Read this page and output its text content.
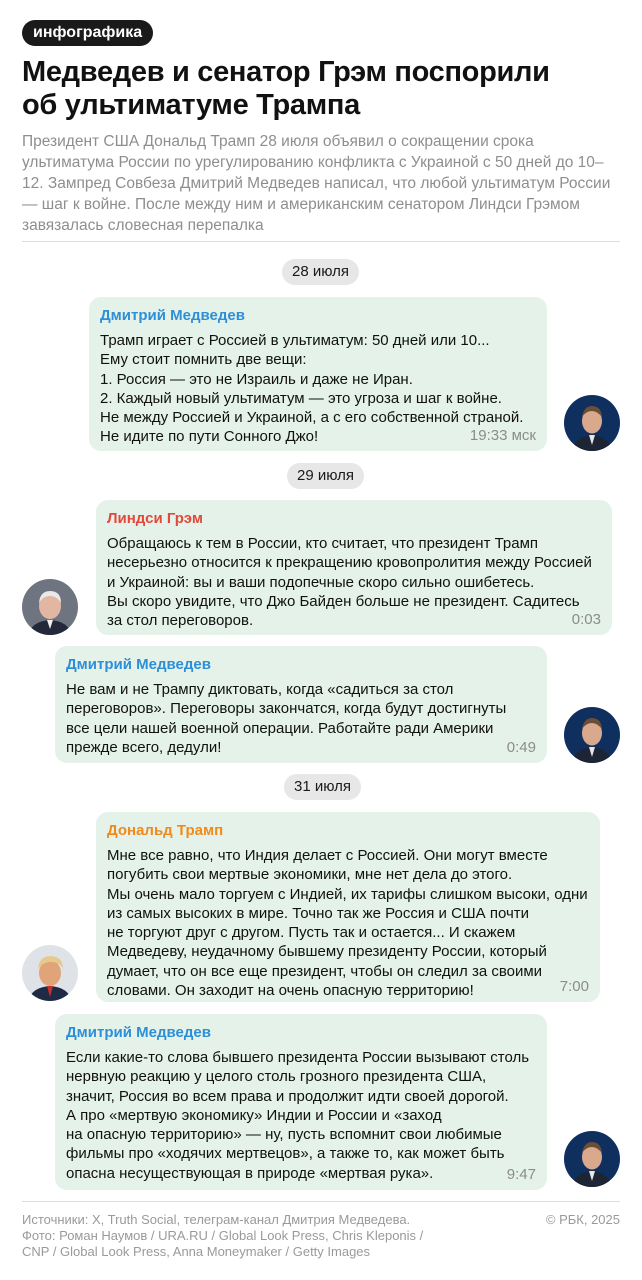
инфографика
Медведев и сенатор Грэм поспорили
об ультиматуме Трампа
Президент США Дональд Трамп 28 июля объявил о сокращении срока ультиматума России по урегулированию конфликта с Украиной с 50 дней до 10–12. Зампред Совбеза Дмитрий Медведев написал, что любой ультиматум России — шаг к войне. После между ним и американским сенатором Линдси Грэмом завязалась словесная перепалка
28 июля
Дмитрий Медведев
Трамп играет с Россией в ультиматум: 50 дней или 10...
Ему стоит помнить две вещи:
1. Россия — это не Израиль и даже не Иран.
2. Каждый новый ультиматум — это угроза и шаг к войне.
Не между Россией и Украиной, а с его собственной страной.
Не идите по пути Сонного Джо!	19:33 мск
29 июля
Линдси Грэм
Обращаюсь к тем в России, кто считает, что президент Трамп
несерьезно относится к прекращению кровопролития между Россией
и Украиной: вы и ваши подопечные скоро сильно ошибетесь.
Вы скоро увидите, что Джо Байден больше не президент. Садитесь
за стол переговоров.	0:03
Дмитрий Медведев
Не вам и не Трампу диктовать, когда «садиться за стол
переговоров». Переговоры закончатся, когда будут достигнуты
все цели нашей военной операции. Работайте ради Америки
прежде всего, дедули!	0:49
31 июля
Дональд Трамп
Мне все равно, что Индия делает с Россией. Они могут вместе
погубить свои мертвые экономики, мне нет дела до этого.
Мы очень мало торгуем с Индией, их тарифы слишком высоки, одни
из самых высоких в мире. Точно так же Россия и США почти
не торгуют друг с другом. Пусть так и остается... И скажем
Медведеву, неудачному бывшему президенту России, который
думает, что он все еще президент, чтобы он следил за своими
словами. Он заходит на очень опасную территорию!	7:00
Дмитрий Медведев
Если какие-то слова бывшего президента России вызывают столь
нервную реакцию у целого столь грозного президента США,
значит, Россия во всем права и продолжит идти своей дорогой.
А про «мертвую экономику» Индии и России и «заход
на опасную территорию» — ну, пусть вспомнит свои любимые
фильмы про «ходячих мертвецов», а также то, как может быть
опасна несуществующая в природе «мертвая рука».	9:47
Источники: X, Truth Social, телеграм-канал Дмитрия Медведева.
Фото: Роман Наумов / URA.RU / Global Look Press, Chris Kleponis /
CNP / Global Look Press, Anna Moneymaker / Getty Images
© РБК, 2025
